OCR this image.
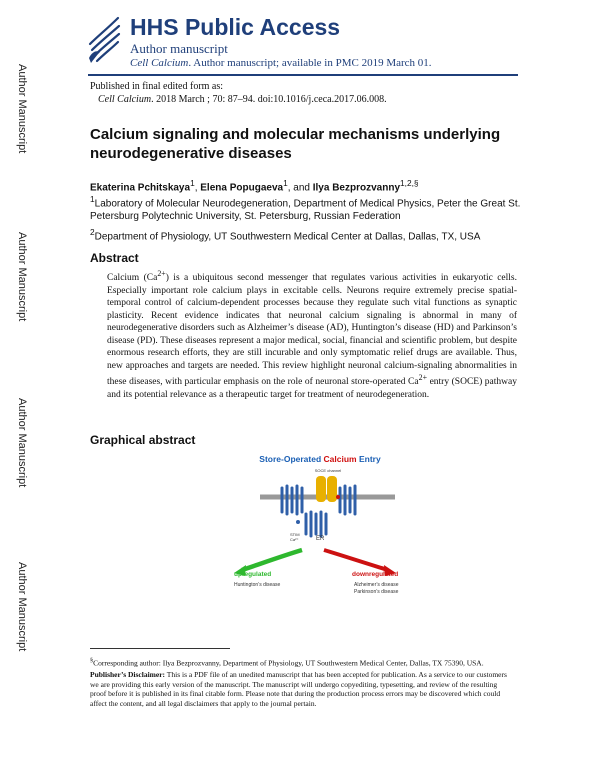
Author Manuscript
Author Manuscript
Author Manuscript
Author Manuscript
HHS Public Access
Author manuscript
Cell Calcium. Author manuscript; available in PMC 2019 March 01.
Published in final edited form as:
Cell Calcium. 2018 March ; 70: 87–94. doi:10.1016/j.ceca.2017.06.008.
Calcium signaling and molecular mechanisms underlying neurodegenerative diseases
Ekaterina Pchitskaya$^1$, Elena Popugaeva$^1$, and Ilya Bezprozvanny$^{1,2,\S}$
$^1$Laboratory of Molecular Neurodegeneration, Department of Medical Physics, Peter the Great St. Petersburg Polytechnic University, St. Petersburg, Russian Federation
$^2$Department of Physiology, UT Southwestern Medical Center at Dallas, Dallas, TX, USA
Abstract
Calcium $(Ca^{2+})$ is a ubiquitous second messenger that regulates various activities in eukaryotic cells. Especially important role calcium plays in excitable cells. Neurons require extremely precise spatial-temporal control of calcium-dependent processes because they regulate such vital functions as synaptic plasticity. Recent evidence indicates that neuronal calcium signaling is abnormal in many of neurodegenerative disorders such as Alzheimer’s disease (AD), Huntington’s disease (HD) and Parkinson’s disease (PD). These diseases represent a major medical, social, financial and scientific problem, but despite enormous research efforts, they are still incurable and only symptomatic relief drugs are available. Thus, new approaches and targets are needed. This review highlight neuronal calcium-signaling abnormalities in these diseases, with particular emphasis on the role of neuronal store-operated $Ca^{2+}$ entry (SOCE) pathway and its potential relevance as a therapeutic target for treatment of neurodegeneration.
Graphical abstract
Store-Operated Calcium Entry
SOCE channel
STIM
Ca²⁺	ER
upregulated
Huntington’s disease
downregulated
Alzheimer’s disease
Parkinson’s disease

§Corresponding author: Ilya Bezprozvanny, Department of Physiology, UT Southwestern Medical Center, Dallas, TX 75390, USA.

Publisher’s Disclaimer: This is a PDF file of an unedited manuscript that has been accepted for publication. As a service to our customers we are providing this early version of the manuscript. The manuscript will undergo copyediting, typesetting, and review of the resulting proof before it is published in its final citable form. Please note that during the production process errors may be discovered which could affect the content, and all legal disclaimers that apply to the journal pertain.
